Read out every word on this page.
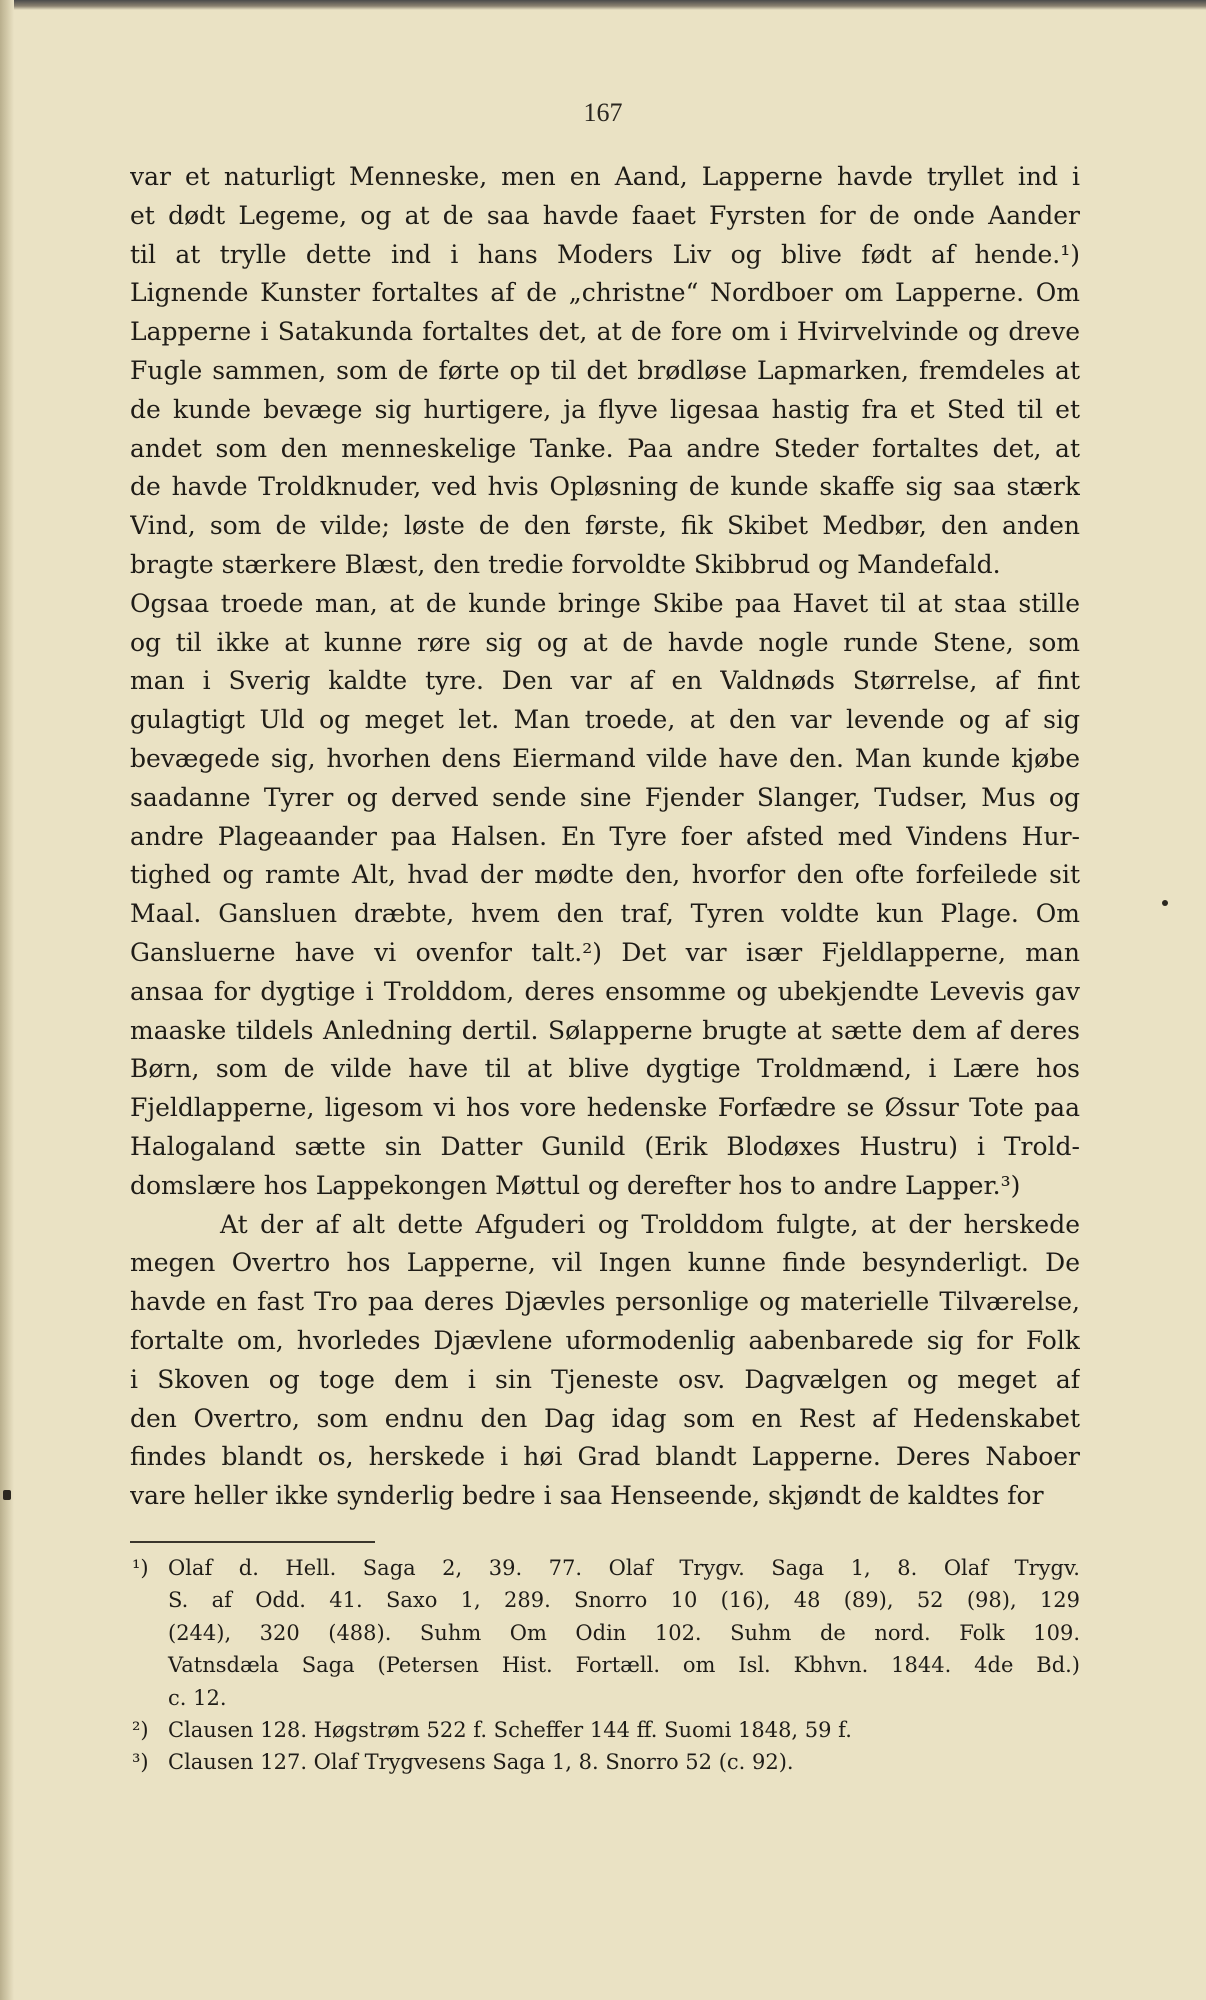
167
var et naturligt Menneske, men en Aand, Lapperne havde tryllet ind i
et dødt Legeme, og at de saa havde faaet Fyrsten for de onde Aander
til at trylle dette ind i hans Moders Liv og blive født af hende.¹)
Lignende Kunster fortaltes af de „christne“ Nordboer om Lapperne. Om
Lapperne i Satakunda fortaltes det, at de fore om i Hvirvelvinde og dreve
Fugle sammen, som de førte op til det brødløse Lapmarken, fremdeles at
de kunde bevæge sig hurtigere, ja flyve ligesaa hastig fra et Sted til et
andet som den menneskelige Tanke. Paa andre Steder fortaltes det, at
de havde Troldknuder, ved hvis Opløsning de kunde skaffe sig saa stærk
Vind, som de vilde; løste de den første, fik Skibet Medbør, den anden
bragte stærkere Blæst, den tredie forvoldte Skibbrud og Mandefald.
Ogsaa troede man, at de kunde bringe Skibe paa Havet til at staa stille
og til ikke at kunne røre sig og at de havde nogle runde Stene, som
man i Sverig kaldte tyre. Den var af en Valdnøds Størrelse, af fint
gulagtigt Uld og meget let. Man troede, at den var levende og af sig
bevægede sig, hvorhen dens Eiermand vilde have den. Man kunde kjøbe
saadanne Tyrer og derved sende sine Fjender Slanger, Tudser, Mus og
andre Plageaander paa Halsen. En Tyre foer afsted med Vindens Hur-
tighed og ramte Alt, hvad der mødte den, hvorfor den ofte forfeilede sit
Maal. Gansluen dræbte, hvem den traf, Tyren voldte kun Plage. Om
Gansluerne have vi ovenfor talt.²) Det var især Fjeldlapperne, man
ansaa for dygtige i Trolddom, deres ensomme og ubekjendte Levevis gav
maaske tildels Anledning dertil. Sølapperne brugte at sætte dem af deres
Børn, som de vilde have til at blive dygtige Troldmænd, i Lære hos
Fjeldlapperne, ligesom vi hos vore hedenske Forfædre se Øssur Tote paa
Halogaland sætte sin Datter Gunild (Erik Blodøxes Hustru) i Trold-
domslære hos Lappekongen Møttul og derefter hos to andre Lapper.³)
At der af alt dette Afguderi og Trolddom fulgte, at der herskede
megen Overtro hos Lapperne, vil Ingen kunne finde besynderligt. De
havde en fast Tro paa deres Djævles personlige og materielle Tilværelse,
fortalte om, hvorledes Djævlene uformodenlig aabenbarede sig for Folk
i Skoven og toge dem i sin Tjeneste osv. Dagvælgen og meget af
den Overtro, som endnu den Dag idag som en Rest af Hedenskabet
findes blandt os, herskede i høi Grad blandt Lapperne. Deres Naboer
vare heller ikke synderlig bedre i saa Henseende, skjøndt de kaldtes for
¹) Olaf d. Hell. Saga 2, 39. 77. Olaf Trygv. Saga 1, 8. Olaf Trygv.
S. af Odd. 41. Saxo 1, 289. Snorro 10 (16), 48 (89), 52 (98), 129
(244), 320 (488). Suhm Om Odin 102. Suhm de nord. Folk 109.
Vatnsdæla Saga (Petersen Hist. Fortæll. om Isl. Kbhvn. 1844. 4de Bd.)
c. 12.
²) Clausen 128. Høgstrøm 522 f. Scheffer 144 ff. Suomi 1848, 59 f.
³) Clausen 127. Olaf Trygvesens Saga 1, 8. Snorro 52 (c. 92).
